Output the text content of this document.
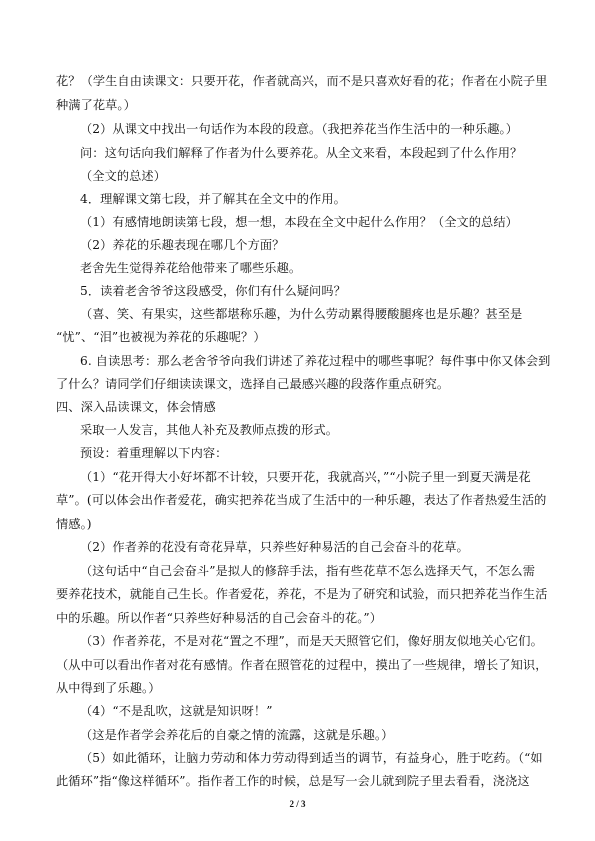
花？（学生自由读课文：只要开花，作者就高兴，而不是只喜欢好看的花；作者在小院子里
种满了花草。）
（2）从课文中找出一句话作为本段的段意。（我把养花当作生活中的一种乐趣。）
问：这句话向我们解释了作者为什么要养花。从全文来看，本段起到了什么作用？
（全文的总述）
4．理解课文第七段，并了解其在全文中的作用。
（1）有感情地朗读第七段，想一想，本段在全文中起什么作用？（全文的总结）
（2）养花的乐趣表现在哪几个方面？
老舍先生觉得养花给他带来了哪些乐趣。
5．读着老舍爷爷这段感受，你们有什么疑问吗？
（喜、笑、有果实，这些都堪称乐趣，为什么劳动累得腰酸腿疼也是乐趣？甚至是
“忧”、“泪”也被视为养花的乐趣呢？）
6. 自读思考：那么老舍爷爷向我们讲述了养花过程中的哪些事呢？每件事中你又体会到
了什么？请同学们仔细读读课文，选择自己最感兴趣的段落作重点研究。
四、深入品读课文，体会情感
采取一人发言，其他人补充及教师点拨的形式。
预设：着重理解以下内容：
（1）“花开得大小好坏都不计较，只要开花，我就高兴，”“小院子里一到夏天满是花
草”。(可以体会出作者爱花，确实把养花当成了生活中的一种乐趣，表达了作者热爱生活的
情感。)
（2）作者养的花没有奇花异草，只养些好种易活的自己会奋斗的花草。
（这句话中“自己会奋斗”是拟人的修辞手法，指有些花草不怎么选择天气，不怎么需
要养花技术，就能自己生长。作者爱花，养花，不是为了研究和试验，而只把养花当作生活
中的乐趣。所以作者“只养些好种易活的自己会奋斗的花。”）
（3）作者养花，不是对花“置之不理”，而是天天照管它们，像好朋友似地关心它们。
（从中可以看出作者对花有感情。作者在照管花的过程中，摸出了一些规律，增长了知识，
从中得到了乐趣。）
（4）“不是乱吹，这就是知识呀！”
（这是作者学会养花后的自豪之情的流露，这就是乐趣。）
（5）如此循环，让脑力劳动和体力劳动得到适当的调节，有益身心，胜于吃药。（“如
此循环”指“像这样循环”。指作者工作的时候，总是写一会儿就到院子里去看看，浇浇这
2 / 3
